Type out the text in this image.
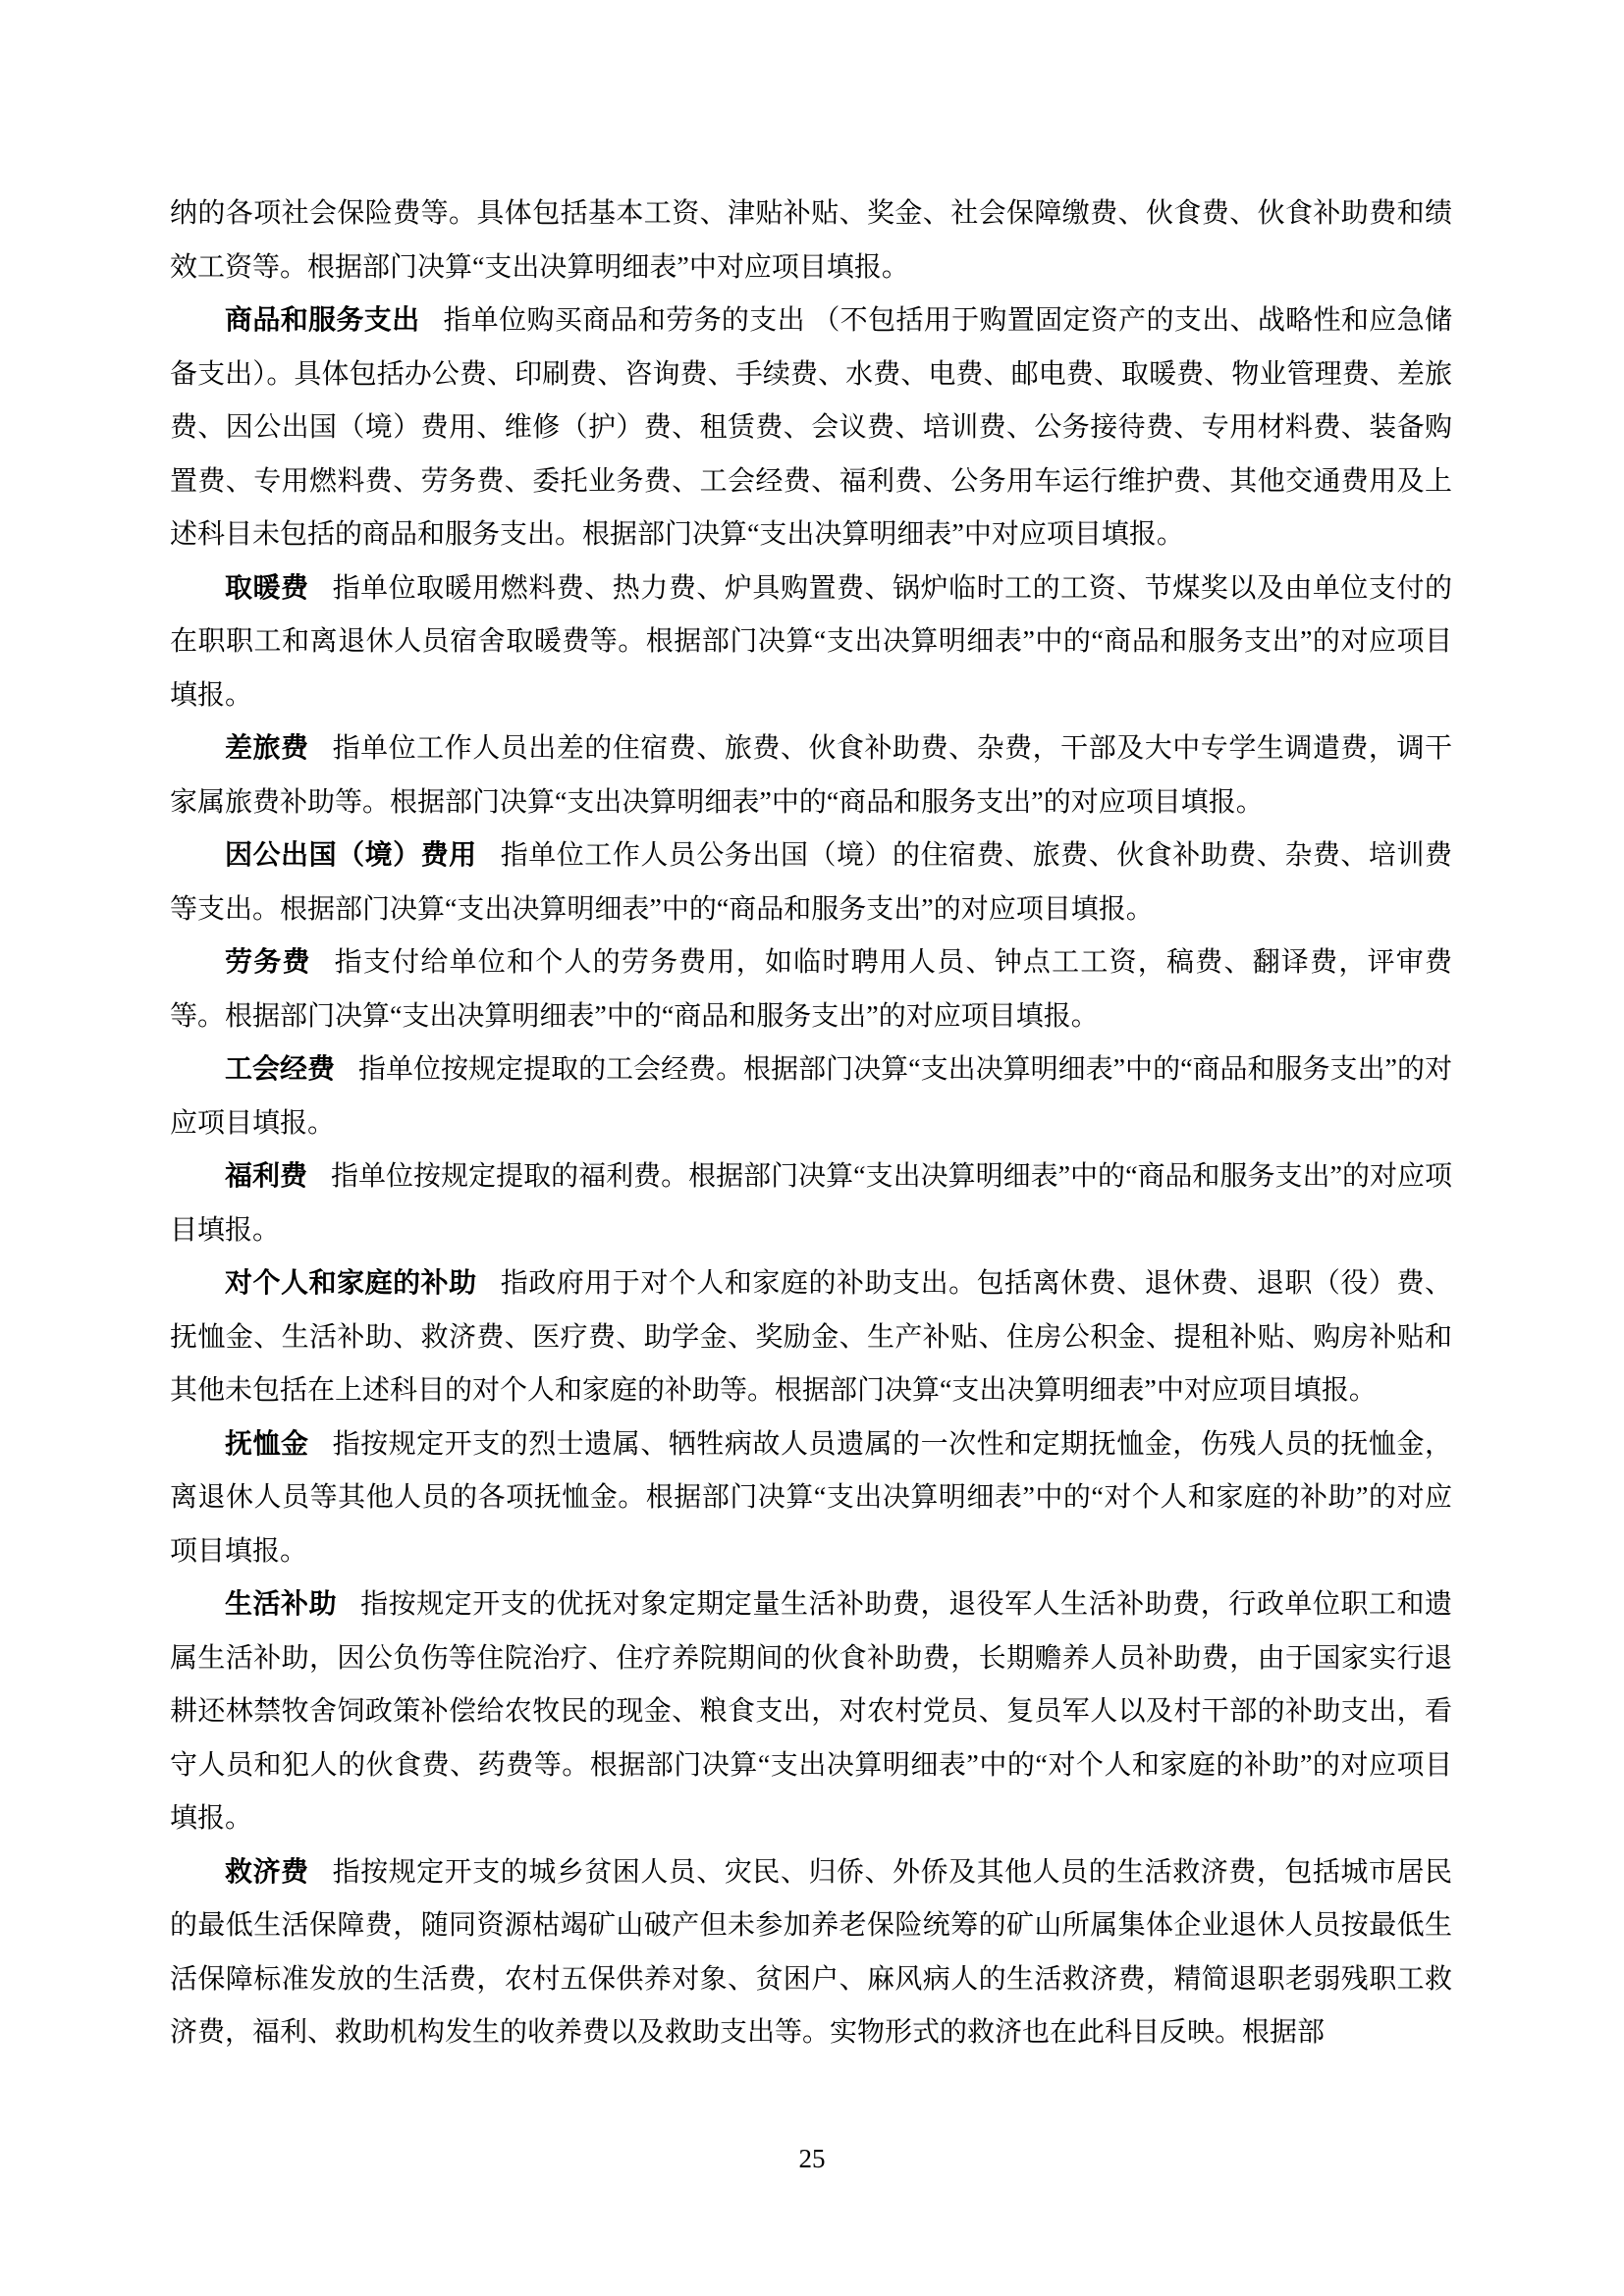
纳的各项社会保险费等。具体包括基本工资、津贴补贴、奖金、社会保障缴费、伙食费、伙食补助费和绩效工资等。根据部门决算“支出决算明细表”中对应项目填报。

商品和服务支出 指单位购买商品和劳务的支出 （不包括用于购置固定资产的支出、战略性和应急储备支出）。具体包括办公费、印刷费、咨询费、手续费、水费、电费、邮电费、取暖费、物业管理费、差旅费、因公出国（境）费用、维修（护）费、租赁费、会议费、培训费、公务接待费、专用材料费、装备购置费、专用燃料费、劳务费、委托业务费、工会经费、福利费、公务用车运行维护费、其他交通费用及上述科目未包括的商品和服务支出。根据部门决算“支出决算明细表”中对应项目填报。

取暖费 指单位取暖用燃料费、热力费、炉具购置费、锅炉临时工的工资、节煤奖以及由单位支付的在职职工和离退休人员宿舍取暖费等。根据部门决算“支出决算明细表”中的“商品和服务支出”的对应项目填报。

差旅费 指单位工作人员出差的住宿费、旅费、伙食补助费、杂费，干部及大中专学生调遣费，调干家属旅费补助等。根据部门决算“支出决算明细表”中的“商品和服务支出”的对应项目填报。

因公出国（境）费用 指单位工作人员公务出国（境）的住宿费、旅费、伙食补助费、杂费、培训费等支出。根据部门决算“支出决算明细表”中的“商品和服务支出”的对应项目填报。

劳务费 指支付给单位和个人的劳务费用，如临时聘用人员、钟点工工资，稿费、翻译费，评审费等。根据部门决算“支出决算明细表”中的“商品和服务支出”的对应项目填报。

工会经费 指单位按规定提取的工会经费。根据部门决算“支出决算明细表”中的“商品和服务支出”的对应项目填报。

福利费 指单位按规定提取的福利费。根据部门决算“支出决算明细表”中的“商品和服务支出”的对应项目填报。

对个人和家庭的补助 指政府用于对个人和家庭的补助支出。包括离休费、退休费、退职（役）费、抚恤金、生活补助、救济费、医疗费、助学金、奖励金、生产补贴、住房公积金、提租补贴、购房补贴和其他未包括在上述科目的对个人和家庭的补助等。根据部门决算“支出决算明细表”中对应项目填报。

抚恤金 指按规定开支的烈士遗属、牺牲病故人员遗属的一次性和定期抚恤金，伤残人员的抚恤金，离退休人员等其他人员的各项抚恤金。根据部门决算“支出决算明细表”中的“对个人和家庭的补助”的对应项目填报。

生活补助 指按规定开支的优抚对象定期定量生活补助费，退役军人生活补助费，行政单位职工和遗属生活补助，因公负伤等住院治疗、住疗养院期间的伙食补助费，长期赡养人员补助费，由于国家实行退耕还林禁牧舍饲政策补偿给农牧民的现金、粮食支出，对农村党员、复员军人以及村干部的补助支出，看守人员和犯人的伙食费、药费等。根据部门决算“支出决算明细表”中的“对个人和家庭的补助”的对应项目填报。

救济费 指按规定开支的城乡贫困人员、灾民、归侨、外侨及其他人员的生活救济费，包括城市居民的最低生活保障费，随同资源枯竭矿山破产但未参加养老保险统筹的矿山所属集体企业退休人员按最低生活保障标准发放的生活费，农村五保供养对象、贫困户、麻风病人的生活救济费，精简退职老弱残职工救济费，福利、救助机构发生的收养费以及救助支出等。实物形式的救济也在此科目反映。根据部

25
